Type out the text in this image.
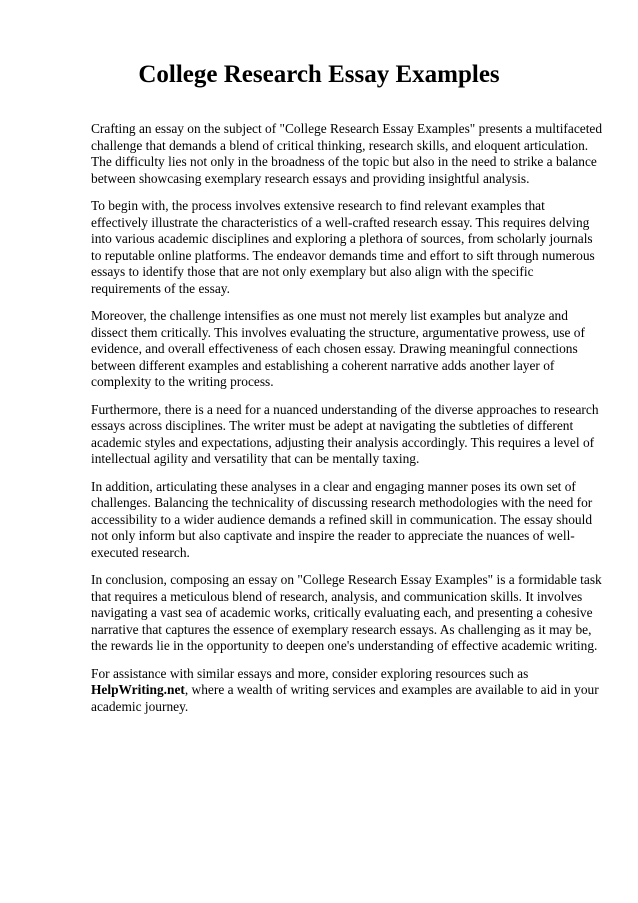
College Research Essay Examples

Crafting an essay on the subject of "College Research Essay Examples" presents a multifaceted challenge that demands a blend of critical thinking, research skills, and eloquent articulation. The difficulty lies not only in the broadness of the topic but also in the need to strike a balance between showcasing exemplary research essays and providing insightful analysis.

To begin with, the process involves extensive research to find relevant examples that effectively illustrate the characteristics of a well-crafted research essay. This requires delving into various academic disciplines and exploring a plethora of sources, from scholarly journals to reputable online platforms. The endeavor demands time and effort to sift through numerous essays to identify those that are not only exemplary but also align with the specific requirements of the essay.

Moreover, the challenge intensifies as one must not merely list examples but analyze and dissect them critically. This involves evaluating the structure, argumentative prowess, use of evidence, and overall effectiveness of each chosen essay. Drawing meaningful connections between different examples and establishing a coherent narrative adds another layer of complexity to the writing process.

Furthermore, there is a need for a nuanced understanding of the diverse approaches to research essays across disciplines. The writer must be adept at navigating the subtleties of different academic styles and expectations, adjusting their analysis accordingly. This requires a level of intellectual agility and versatility that can be mentally taxing.

In addition, articulating these analyses in a clear and engaging manner poses its own set of challenges. Balancing the technicality of discussing research methodologies with the need for accessibility to a wider audience demands a refined skill in communication. The essay should not only inform but also captivate and inspire the reader to appreciate the nuances of well-executed research.

In conclusion, composing an essay on "College Research Essay Examples" is a formidable task that requires a meticulous blend of research, analysis, and communication skills. It involves navigating a vast sea of academic works, critically evaluating each, and presenting a cohesive narrative that captures the essence of exemplary research essays. As challenging as it may be, the rewards lie in the opportunity to deepen one's understanding of effective academic writing.

For assistance with similar essays and more, consider exploring resources such as HelpWriting.net, where a wealth of writing services and examples are available to aid in your academic journey.
